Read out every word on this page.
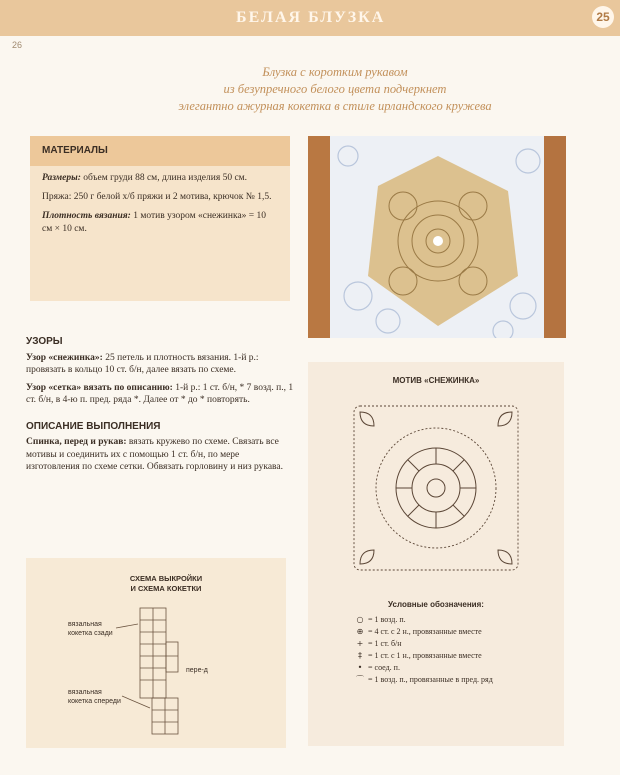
БЕЛАЯ БЛУЗКА	25
26
Блузка с коротким рукавом
из безупречного белого цвета подчеркнет
элегантно ажурная кокетка в стиле ирландского кружева
МАТЕРИАЛЫ

Размеры: объем груди 88 см, длина изделия 50 см.

Пряжа: 250 г белой х/б пряжи и 2 мотива, крючок № 1,5.

Плотность вязания: 1 мотив узором «снежинка» = 10 см × 10 см.

УЗОРЫ

Узор «снежинка»: 25 петель и плотность вязания. 1-й р.: провязать в кольцо 10 ст. б/н, далее вязать по схеме.

Узор «сетка» вязать по описанию: 1-й р.: 1 ст. б/н, * 7 возд. п., 1 ст. б/н, в 4-ю п. пред. ряда *. Далее от * до * повторять.

ОПИСАНИЕ ВЫПОЛНЕНИЯ

Спинка, перед и рукав: вязать кружево по схеме. Связать все мотивы и соединить их с помощью 1 ст. б/н, по мере изготовления по схеме сетки. Обвязать горловину и низ рукава.

СХЕМА ВЫКРОЙКИ
И СХЕМА КОКЕТКИ
вязальная кокетка сзади
пере-д
вязальная кокетка спереди
МОТИВ «СНЕЖИНКА»
Условные обозначения:
○ = 1 возд. п.
⊕ = 4 ст. с 2 н., провязанные вместе
+ = 1 ст. б/н
‡ = 1 ст. с 1 н., провязанные вместе
• = соед. п.
⌒ = 1 возд. п., провязанные в пред. ряд
